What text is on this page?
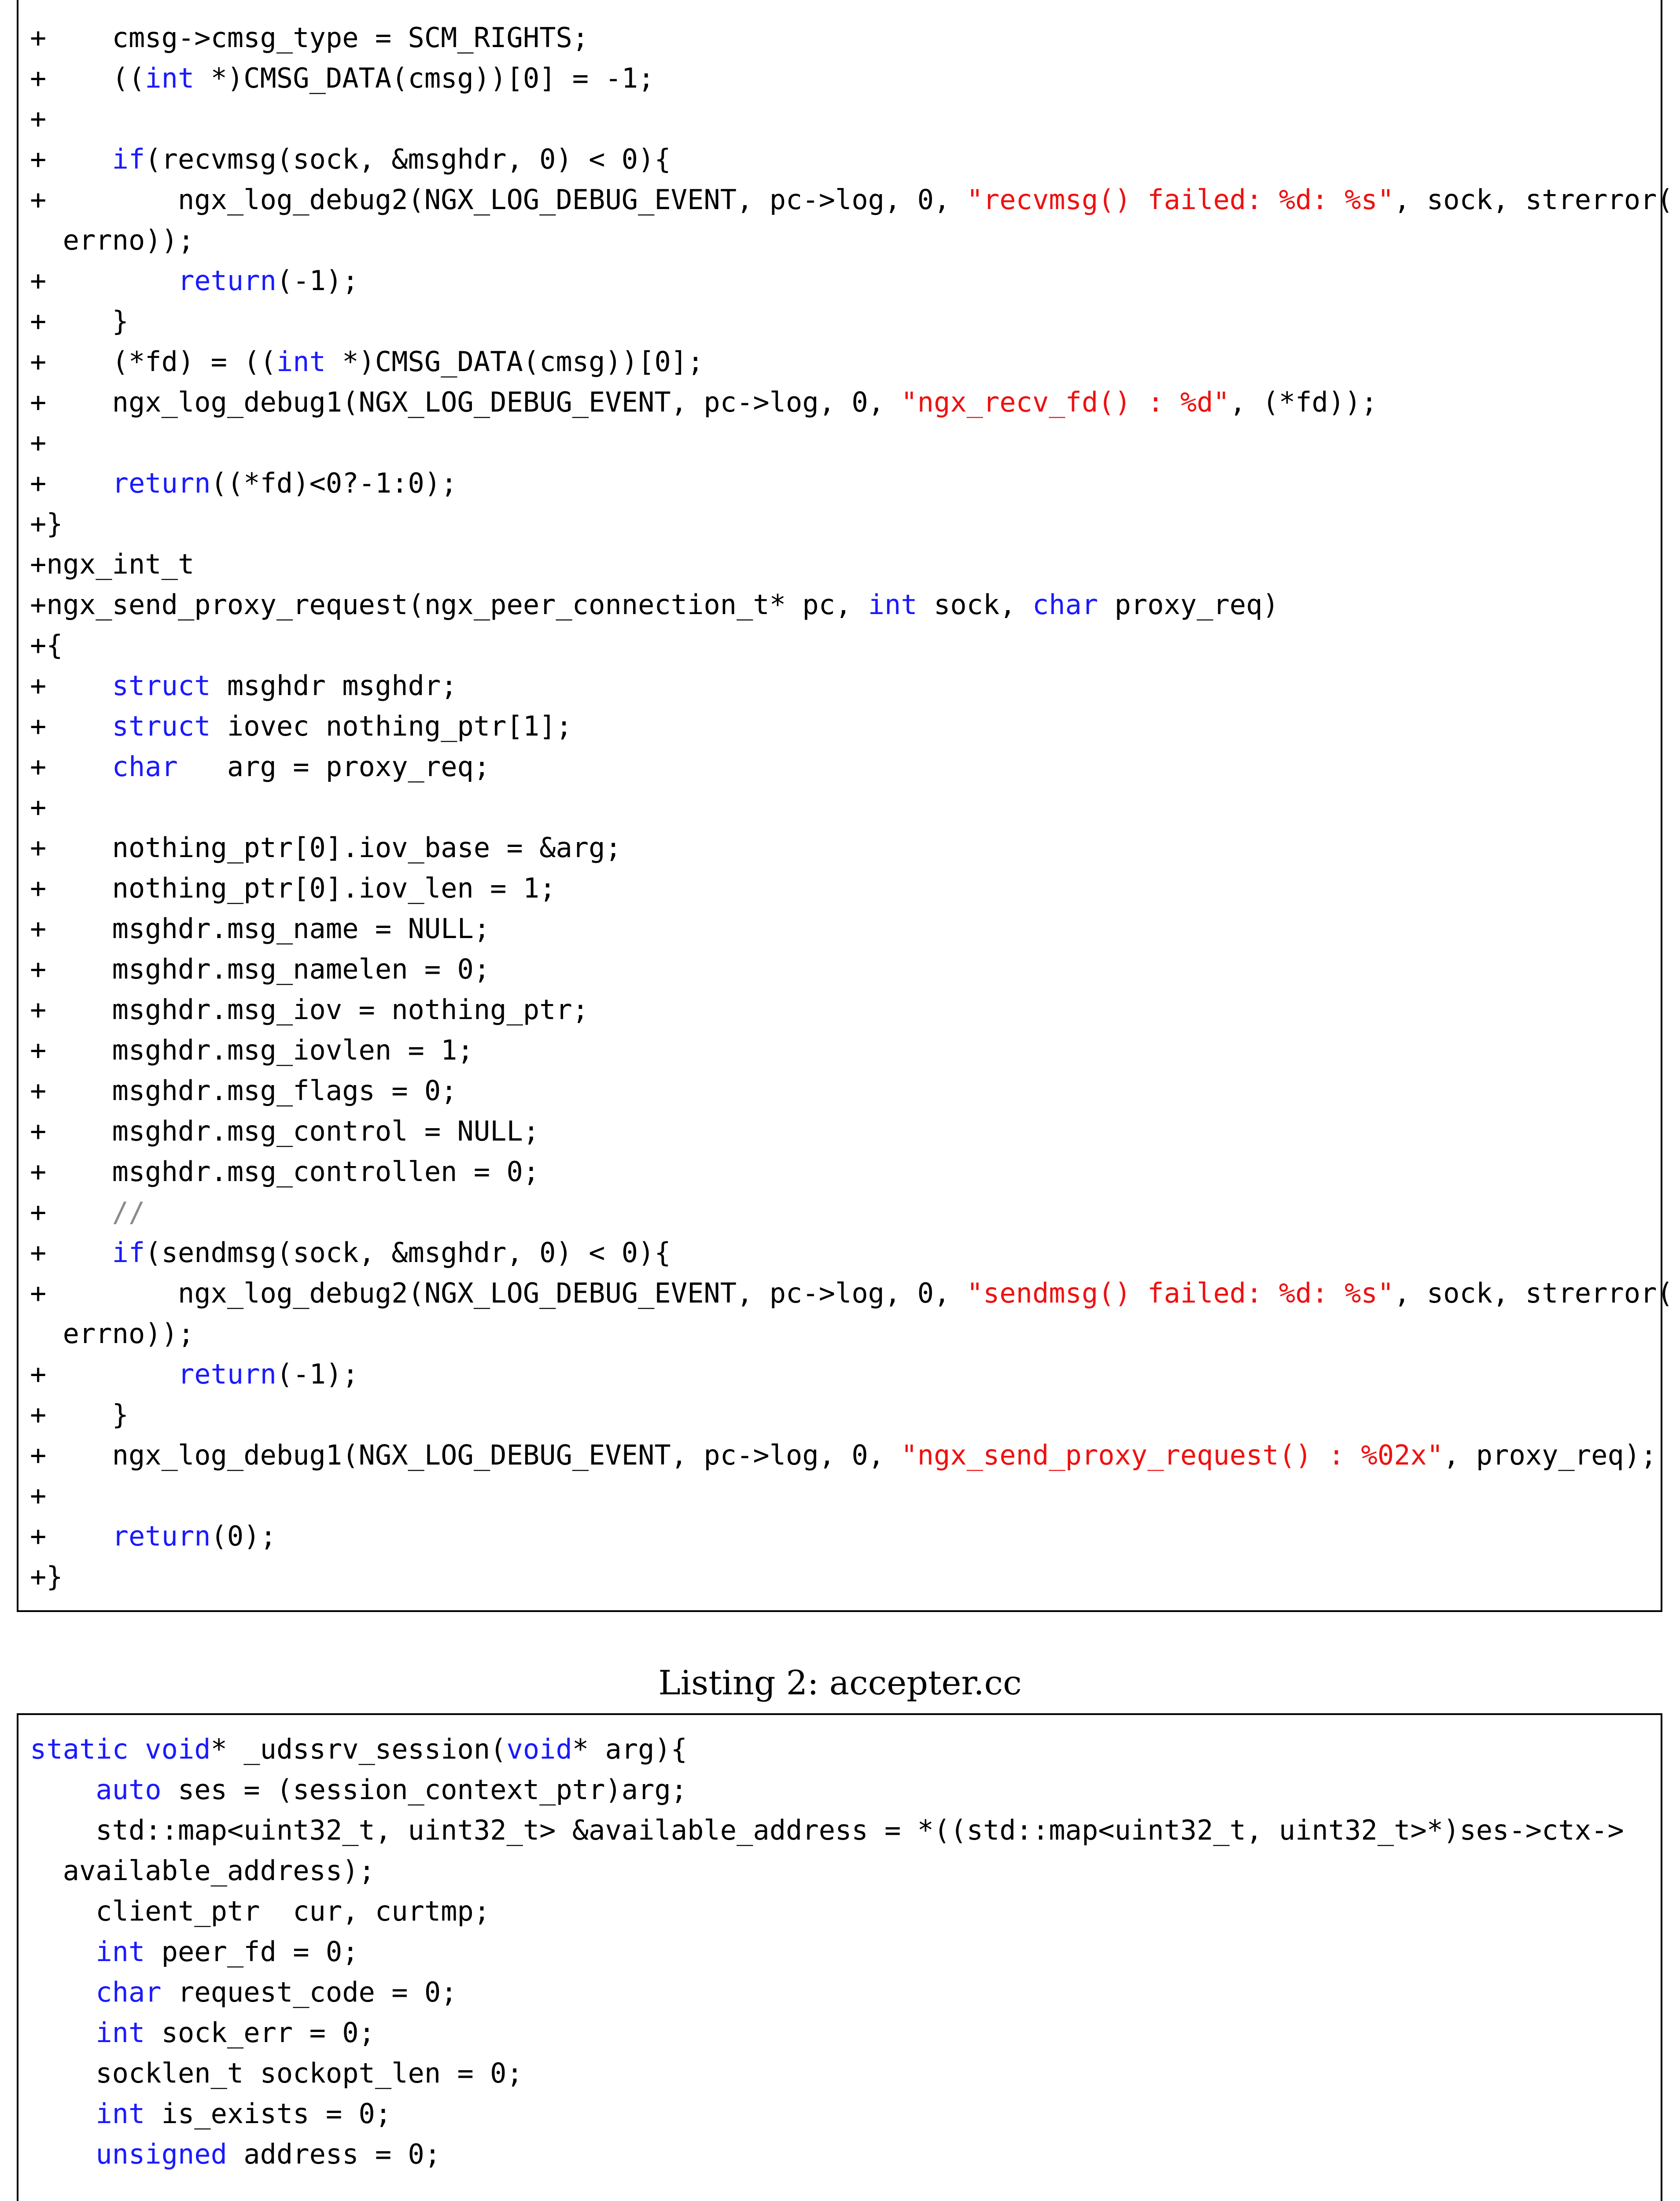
+    cmsg->cmsg_type = SCM_RIGHTS;
+    ((int *)CMSG_DATA(cmsg))[0] = -1;
+
+    if(recvmsg(sock, &msghdr, 0) < 0){
+        ngx_log_debug2(NGX_LOG_DEBUG_EVENT, pc->log, 0, "recvmsg() failed: %d: %s", sock, strerror(
errno));
+        return(-1);
+    }
+    (*fd) = ((int *)CMSG_DATA(cmsg))[0];
+    ngx_log_debug1(NGX_LOG_DEBUG_EVENT, pc->log, 0, "ngx_recv_fd() : %d", (*fd));
+
+    return((*fd)<0?-1:0);
+}
+ngx_int_t
+ngx_send_proxy_request(ngx_peer_connection_t* pc, int sock, char proxy_req)
+{
+    struct msghdr msghdr;
+    struct iovec nothing_ptr[1];
+    char   arg = proxy_req;
+
+    nothing_ptr[0].iov_base = &arg;
+    nothing_ptr[0].iov_len = 1;
+    msghdr.msg_name = NULL;
+    msghdr.msg_namelen = 0;
+    msghdr.msg_iov = nothing_ptr;
+    msghdr.msg_iovlen = 1;
+    msghdr.msg_flags = 0;
+    msghdr.msg_control = NULL;
+    msghdr.msg_controllen = 0;
+    //
+    if(sendmsg(sock, &msghdr, 0) < 0){
+        ngx_log_debug2(NGX_LOG_DEBUG_EVENT, pc->log, 0, "sendmsg() failed: %d: %s", sock, strerror(
errno));
+        return(-1);
+    }
+    ngx_log_debug1(NGX_LOG_DEBUG_EVENT, pc->log, 0, "ngx_send_proxy_request() : %02x", proxy_req);
+
+    return(0);
+}
Listing 2: accepter.cc
static void* _udssrv_session(void* arg){
auto ses = (session_context_ptr)arg;
std::map<uint32_t, uint32_t> &available_address = *((std::map<uint32_t, uint32_t>*)ses->ctx->
available_address);
client_ptr  cur, curtmp;
int peer_fd = 0;
char request_code = 0;
int sock_err = 0;
socklen_t sockopt_len = 0;
int is_exists = 0;
unsigned address = 0;
